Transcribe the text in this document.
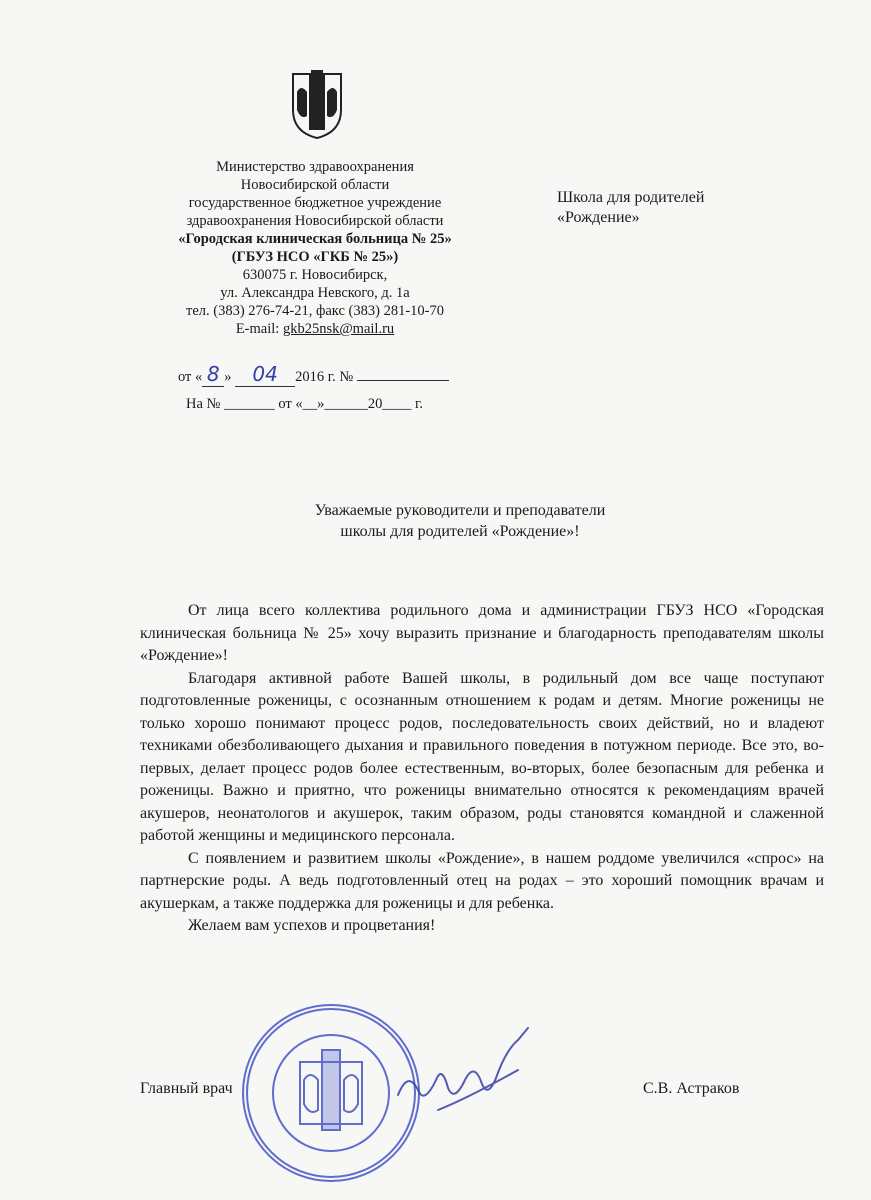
Министерство здравоохранения
Новосибирской области
государственное бюджетное учреждение
здравоохранения Новосибирской области
«Городская клиническая больница № 25»
(ГБУЗ НСО «ГКБ № 25»)
630075 г. Новосибирск,
ул. Александра Невского, д. 1а
тел. (383) 276-74-21, факс (383) 281-10-70
E-mail: gkb25nsk@mail.ru
Школа для родителей
«Рождение»
от « 8 » 04 2016 г. №
На № _______ от «__»______20____ г.
Уважаемые руководители и преподаватели
школы для родителей «Рождение»!

От лица всего коллектива родильного дома и администрации ГБУЗ НСО «Городская клиническая больница № 25» хочу выразить признание и благодарность преподавателям школы «Рождение»!

Благодаря активной работе Вашей школы, в родильный дом все чаще поступают подготовленные роженицы, с осознанным отношением к родам и детям. Многие роженицы не только хорошо понимают процесс родов, последовательность своих действий, но и владеют техниками обезболивающего дыхания и правильного поведения в потужном периоде. Все это, во-первых, делает процесс родов более естественным, во-вторых, более безопасным для ребенка и роженицы. Важно и приятно, что роженицы внимательно относятся к рекомендациям врачей акушеров, неонатологов и акушерок, таким образом, роды становятся командной и слаженной работой женщины и медицинского персонала.

С появлением и развитием школы «Рождение», в нашем роддоме увеличился «спрос» на партнерские роды. А ведь подготовленный отец на родах – это хороший помощник врачам и акушеркам, а также поддержка для роженицы и для ребенка.

Желаем вам успехов и процветания!

Главный врач	С.В. Астраков
